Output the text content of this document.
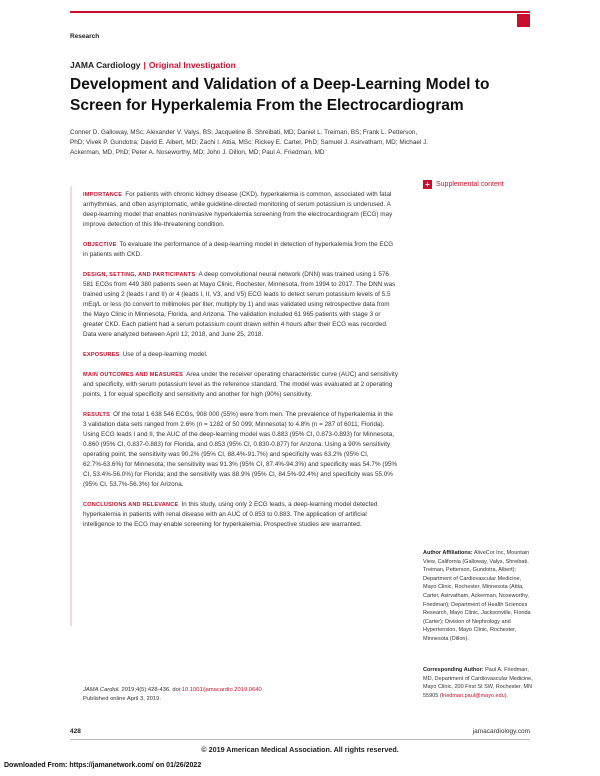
Research
JAMA Cardiology | Original Investigation
Development and Validation of a Deep-Learning Model to Screen for Hyperkalemia From the Electrocardiogram
Conner D. Galloway, MSc; Alexander V. Valys, BS; Jacqueline B. Shreibati, MD; Daniel L. Treiman, BS; Frank L. Petterson, PhD; Vivek P. Gundotra; David E. Albert, MD; Zachi I. Attia, MSc; Rickey E. Carter, PhD; Samuel J. Asirvatham, MD; Michael J. Ackerman, MD, PhD; Peter A. Noseworthy, MD; John J. Dillon, MD; Paul A. Friedman, MD
+ Supplemental content
IMPORTANCE For patients with chronic kidney disease (CKD), hyperkalemia is common, associated with fatal arrhythmias, and often asymptomatic, while guideline-directed monitoring of serum potassium is underused. A deep-learning model that enables noninvasive hyperkalemia screening from the electrocardiogram (ECG) may improve detection of this life-threatening condition.
OBJECTIVE To evaluate the performance of a deep-learning model in detection of hyperkalemia from the ECG in patients with CKD.
DESIGN, SETTING, AND PARTICIPANTS A deep convolutional neural network (DNN) was trained using 1 576 581 ECGs from 449 380 patients seen at Mayo Clinic, Rochester, Minnesota, from 1994 to 2017. The DNN was trained using 2 (leads I and II) or 4 (leads I, II, V3, and V5) ECG leads to detect serum potassium levels of 5.5 mEq/L or less (to convert to millimoles per liter, multiply by 1) and was validated using retrospective data from the Mayo Clinic in Minnesota, Florida, and Arizona. The validation included 61 965 patients with stage 3 or greater CKD. Each patient had a serum potassium count drawn within 4 hours after their ECG was recorded. Data were analyzed between April 12, 2018, and June 25, 2018.
EXPOSURES Use of a deep-learning model.
MAIN OUTCOMES AND MEASURES Area under the receiver operating characteristic curve (AUC) and sensitivity and specificity, with serum potassium level as the reference standard. The model was evaluated at 2 operating points, 1 for equal specificity and sensitivity and another for high (90%) sensitivity.
RESULTS Of the total 1 638 546 ECGs, 908 000 (55%) were from men. The prevalence of hyperkalemia in the 3 validation data sets ranged from 2.6% (n = 1282 of 50 099; Minnesota) to 4.8% (n = 287 of 6011; Florida). Using ECG leads I and II, the AUC of the deep-learning model was 0.883 (95% CI, 0.873-0.893) for Minnesota, 0.860 (95% CI, 0.837-0.883) for Florida, and 0.853 (95% CI, 0.830-0.877) for Arizona. Using a 90% sensitivity operating point, the sensitivity was 90.2% (95% CI, 88.4%-91.7%) and specificity was 63.2% (95% CI, 62.7%-63.6%) for Minnesota; the sensitivity was 91.3% (95% CI, 87.4%-94.3%) and specificity was 54.7% (95% CI, 53.4%-56.0%) for Florida; and the sensitivity was 88.9% (95% CI, 84.5%-92.4%) and specificity was 55.0% (95% CI, 53.7%-56.3%) for Arizona.
CONCLUSIONS AND RELEVANCE In this study, using only 2 ECG leads, a deep-learning model detected hyperkalemia in patients with renal disease with an AUC of 0.853 to 0.883. The application of artificial intelligence to the ECG may enable screening for hyperkalemia. Prospective studies are warranted.
JAMA Cardiol. 2019;4(5):428-436. doi:10.1001/jamacardio.2019.0640
Published online April 3, 2019.
Author Affiliations: AliveCor Inc, Mountain View, California (Galloway, Valys, Shreibati, Treiman, Petterson, Gundotra, Albert); Department of Cardiovascular Medicine, Mayo Clinic, Rochester, Minnesota (Attia, Carter, Asirvatham, Ackerman, Noseworthy, Friedman); Department of Health Sciences Research, Mayo Clinic, Jacksonville, Florida (Carter); Division of Nephrology and Hypertension, Mayo Clinic, Rochester, Minnesota (Dillon).
Corresponding Author: Paul A. Friedman, MD, Department of Cardiovascular Medicine, Mayo Clinic, 200 First St SW, Rochester, MN 55905 (friedman.paul@mayo.edu).
428	jamacardiology.com
© 2019 American Medical Association. All rights reserved.
Downloaded From: https://jamanetwork.com/ on 01/26/2022
